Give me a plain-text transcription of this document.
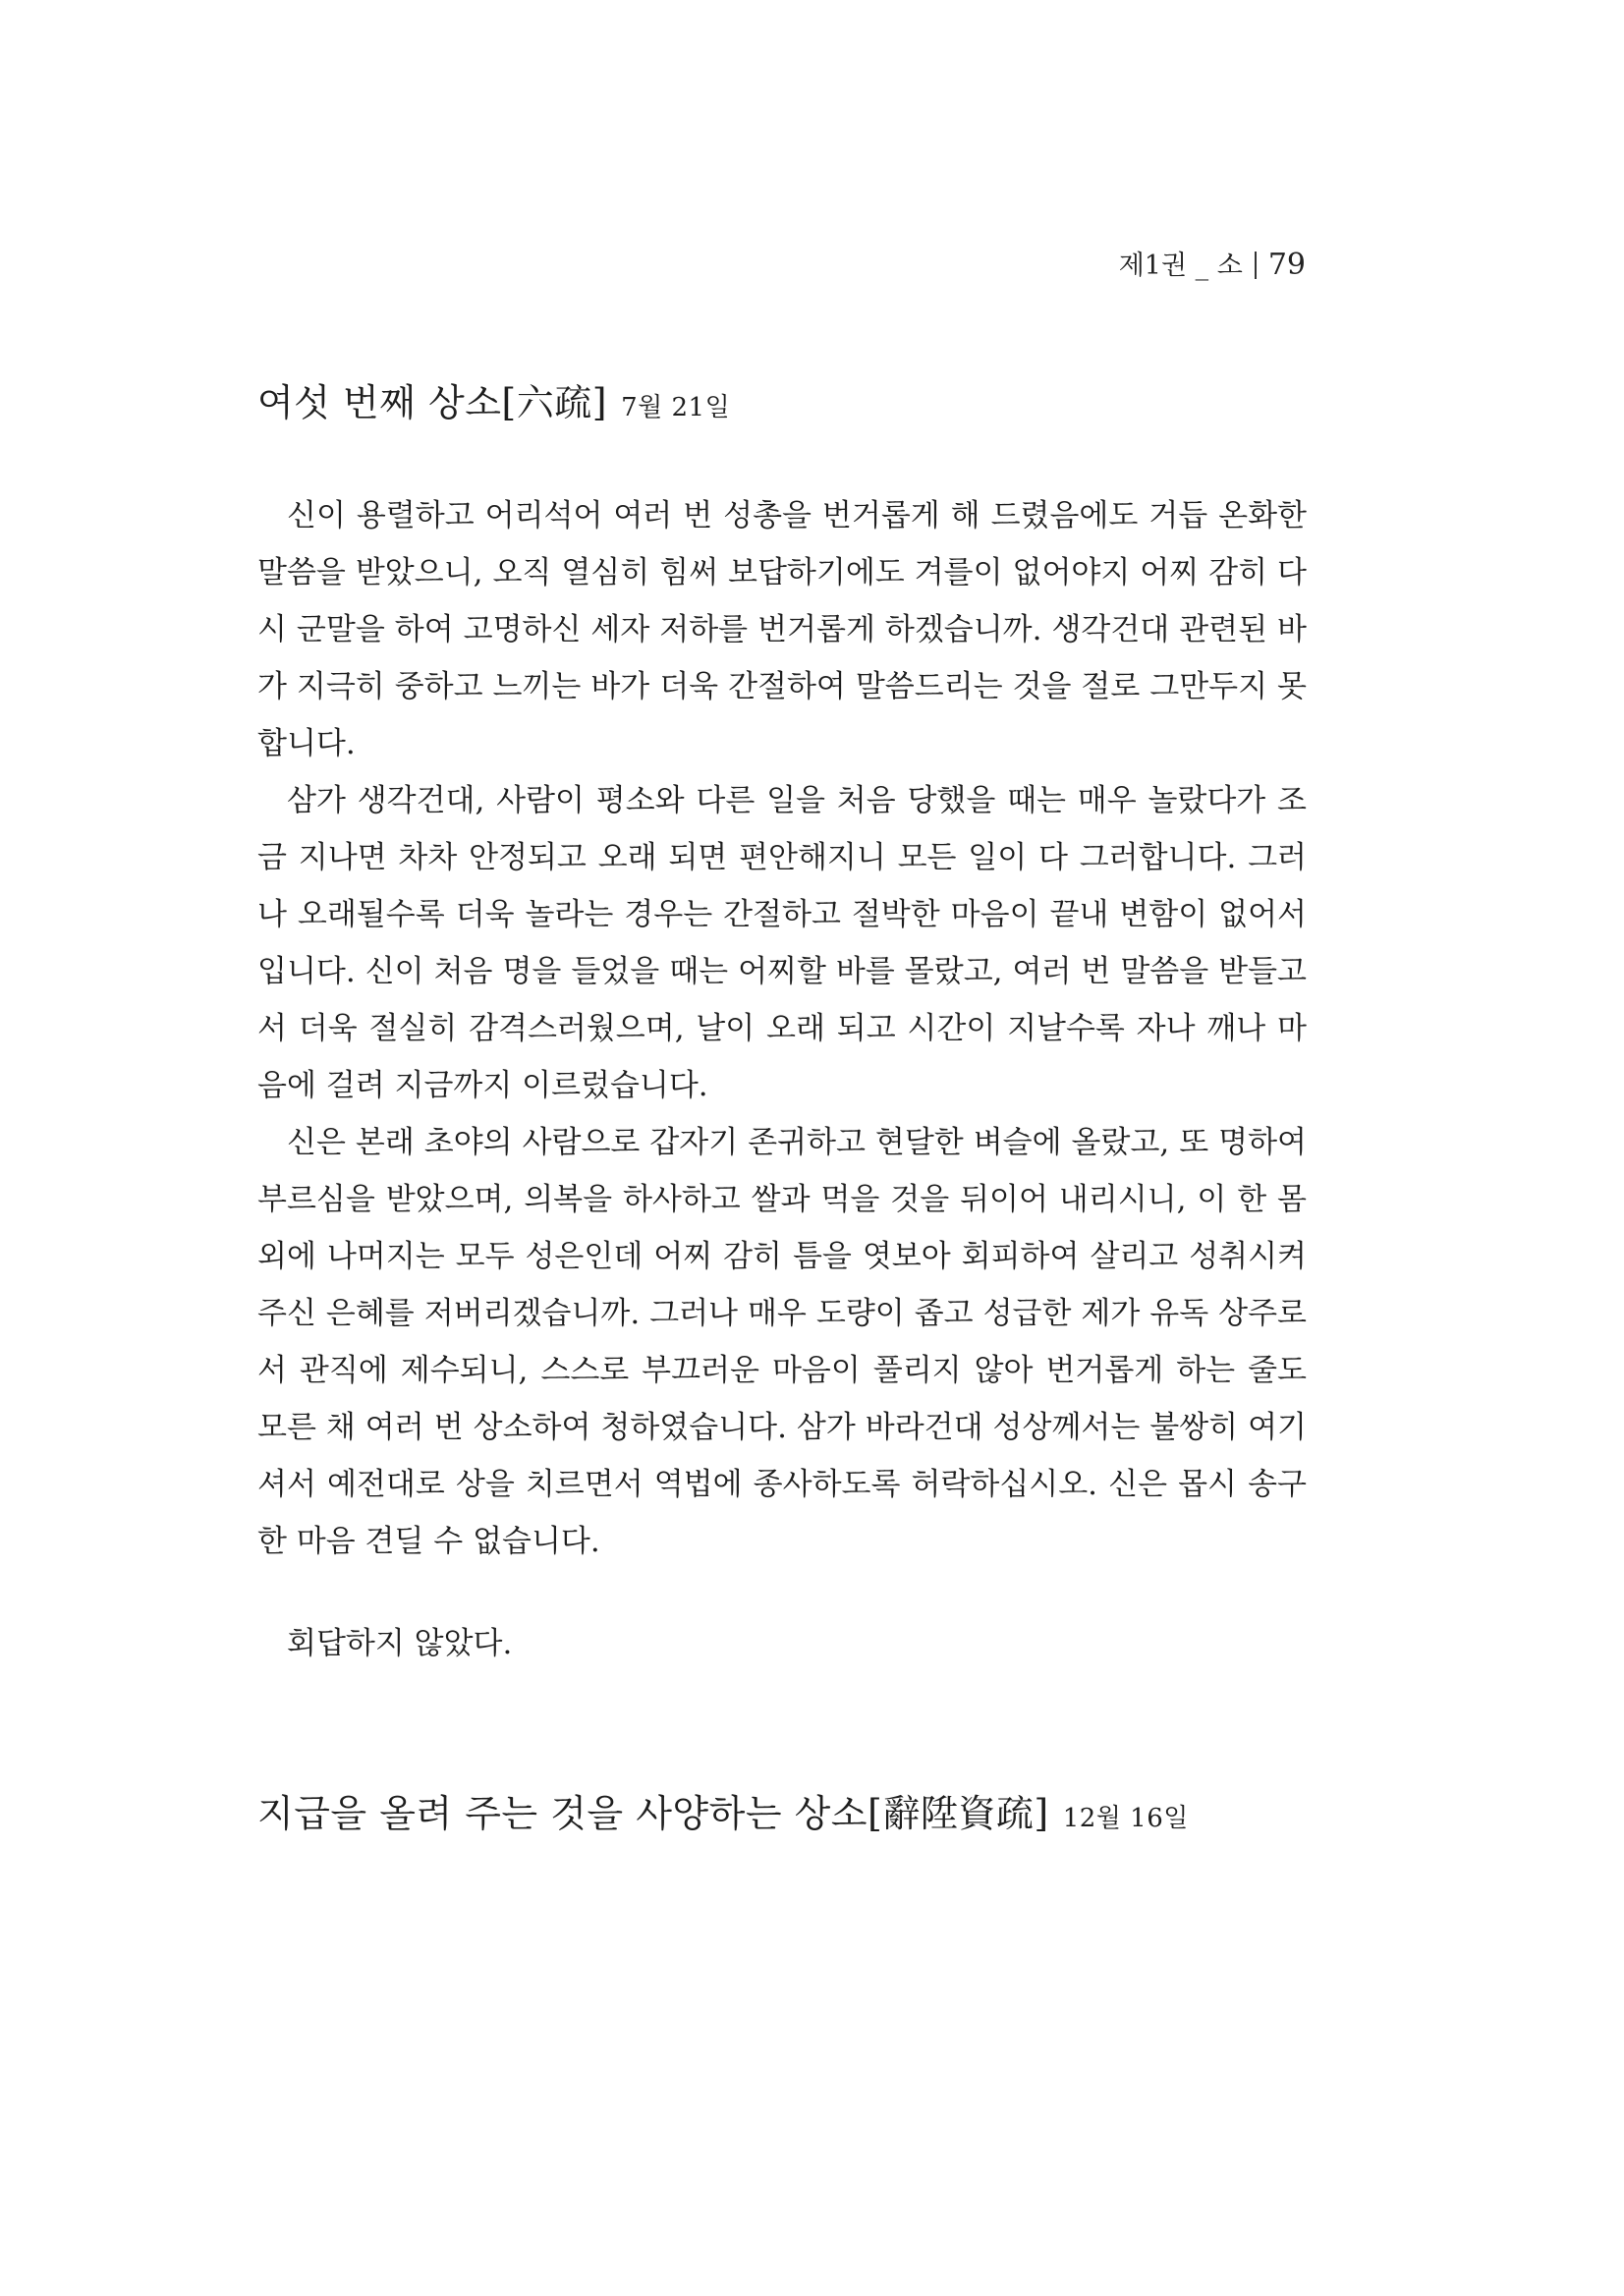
제1권 _ 소 79
여섯 번째 상소[六疏] 7월 21일

신이 용렬하고 어리석어 여러 번 성총을 번거롭게 해 드렸음에도 거듭 온화한 말씀을 받았으니, 오직 열심히 힘써 보답하기에도 겨를이 없어야지 어찌 감히 다시 군말을 하여 고명하신 세자 저하를 번거롭게 하겠습니까. 생각건대 관련된 바가 지극히 중하고 느끼는 바가 더욱 간절하여 말씀드리는 것을 절로 그만두지 못합니다.

삼가 생각건대, 사람이 평소와 다른 일을 처음 당했을 때는 매우 놀랐다가 조금 지나면 차차 안정되고 오래 되면 편안해지니 모든 일이 다 그러합니다. 그러나 오래될수록 더욱 놀라는 경우는 간절하고 절박한 마음이 끝내 변함이 없어서입니다. 신이 처음 명을 들었을 때는 어찌할 바를 몰랐고, 여러 번 말씀을 받들고서 더욱 절실히 감격스러웠으며, 날이 오래 되고 시간이 지날수록 자나 깨나 마음에 걸려 지금까지 이르렀습니다.

신은 본래 초야의 사람으로 갑자기 존귀하고 현달한 벼슬에 올랐고, 또 명하여 부르심을 받았으며, 의복을 하사하고 쌀과 먹을 것을 뒤이어 내리시니, 이 한 몸 외에 나머지는 모두 성은인데 어찌 감히 틈을 엿보아 회피하여 살리고 성취시켜 주신 은혜를 저버리겠습니까. 그러나 매우 도량이 좁고 성급한 제가 유독 상주로서 관직에 제수되니, 스스로 부끄러운 마음이 풀리지 않아 번거롭게 하는 줄도 모른 채 여러 번 상소하여 청하였습니다. 삼가 바라건대 성상께서는 불쌍히 여기셔서 예전대로 상을 치르면서 역법에 종사하도록 허락하십시오. 신은 몹시 송구한 마음 견딜 수 없습니다.

회답하지 않았다.

지급을 올려 주는 것을 사양하는 상소[辭陞資疏] 12월 16일
